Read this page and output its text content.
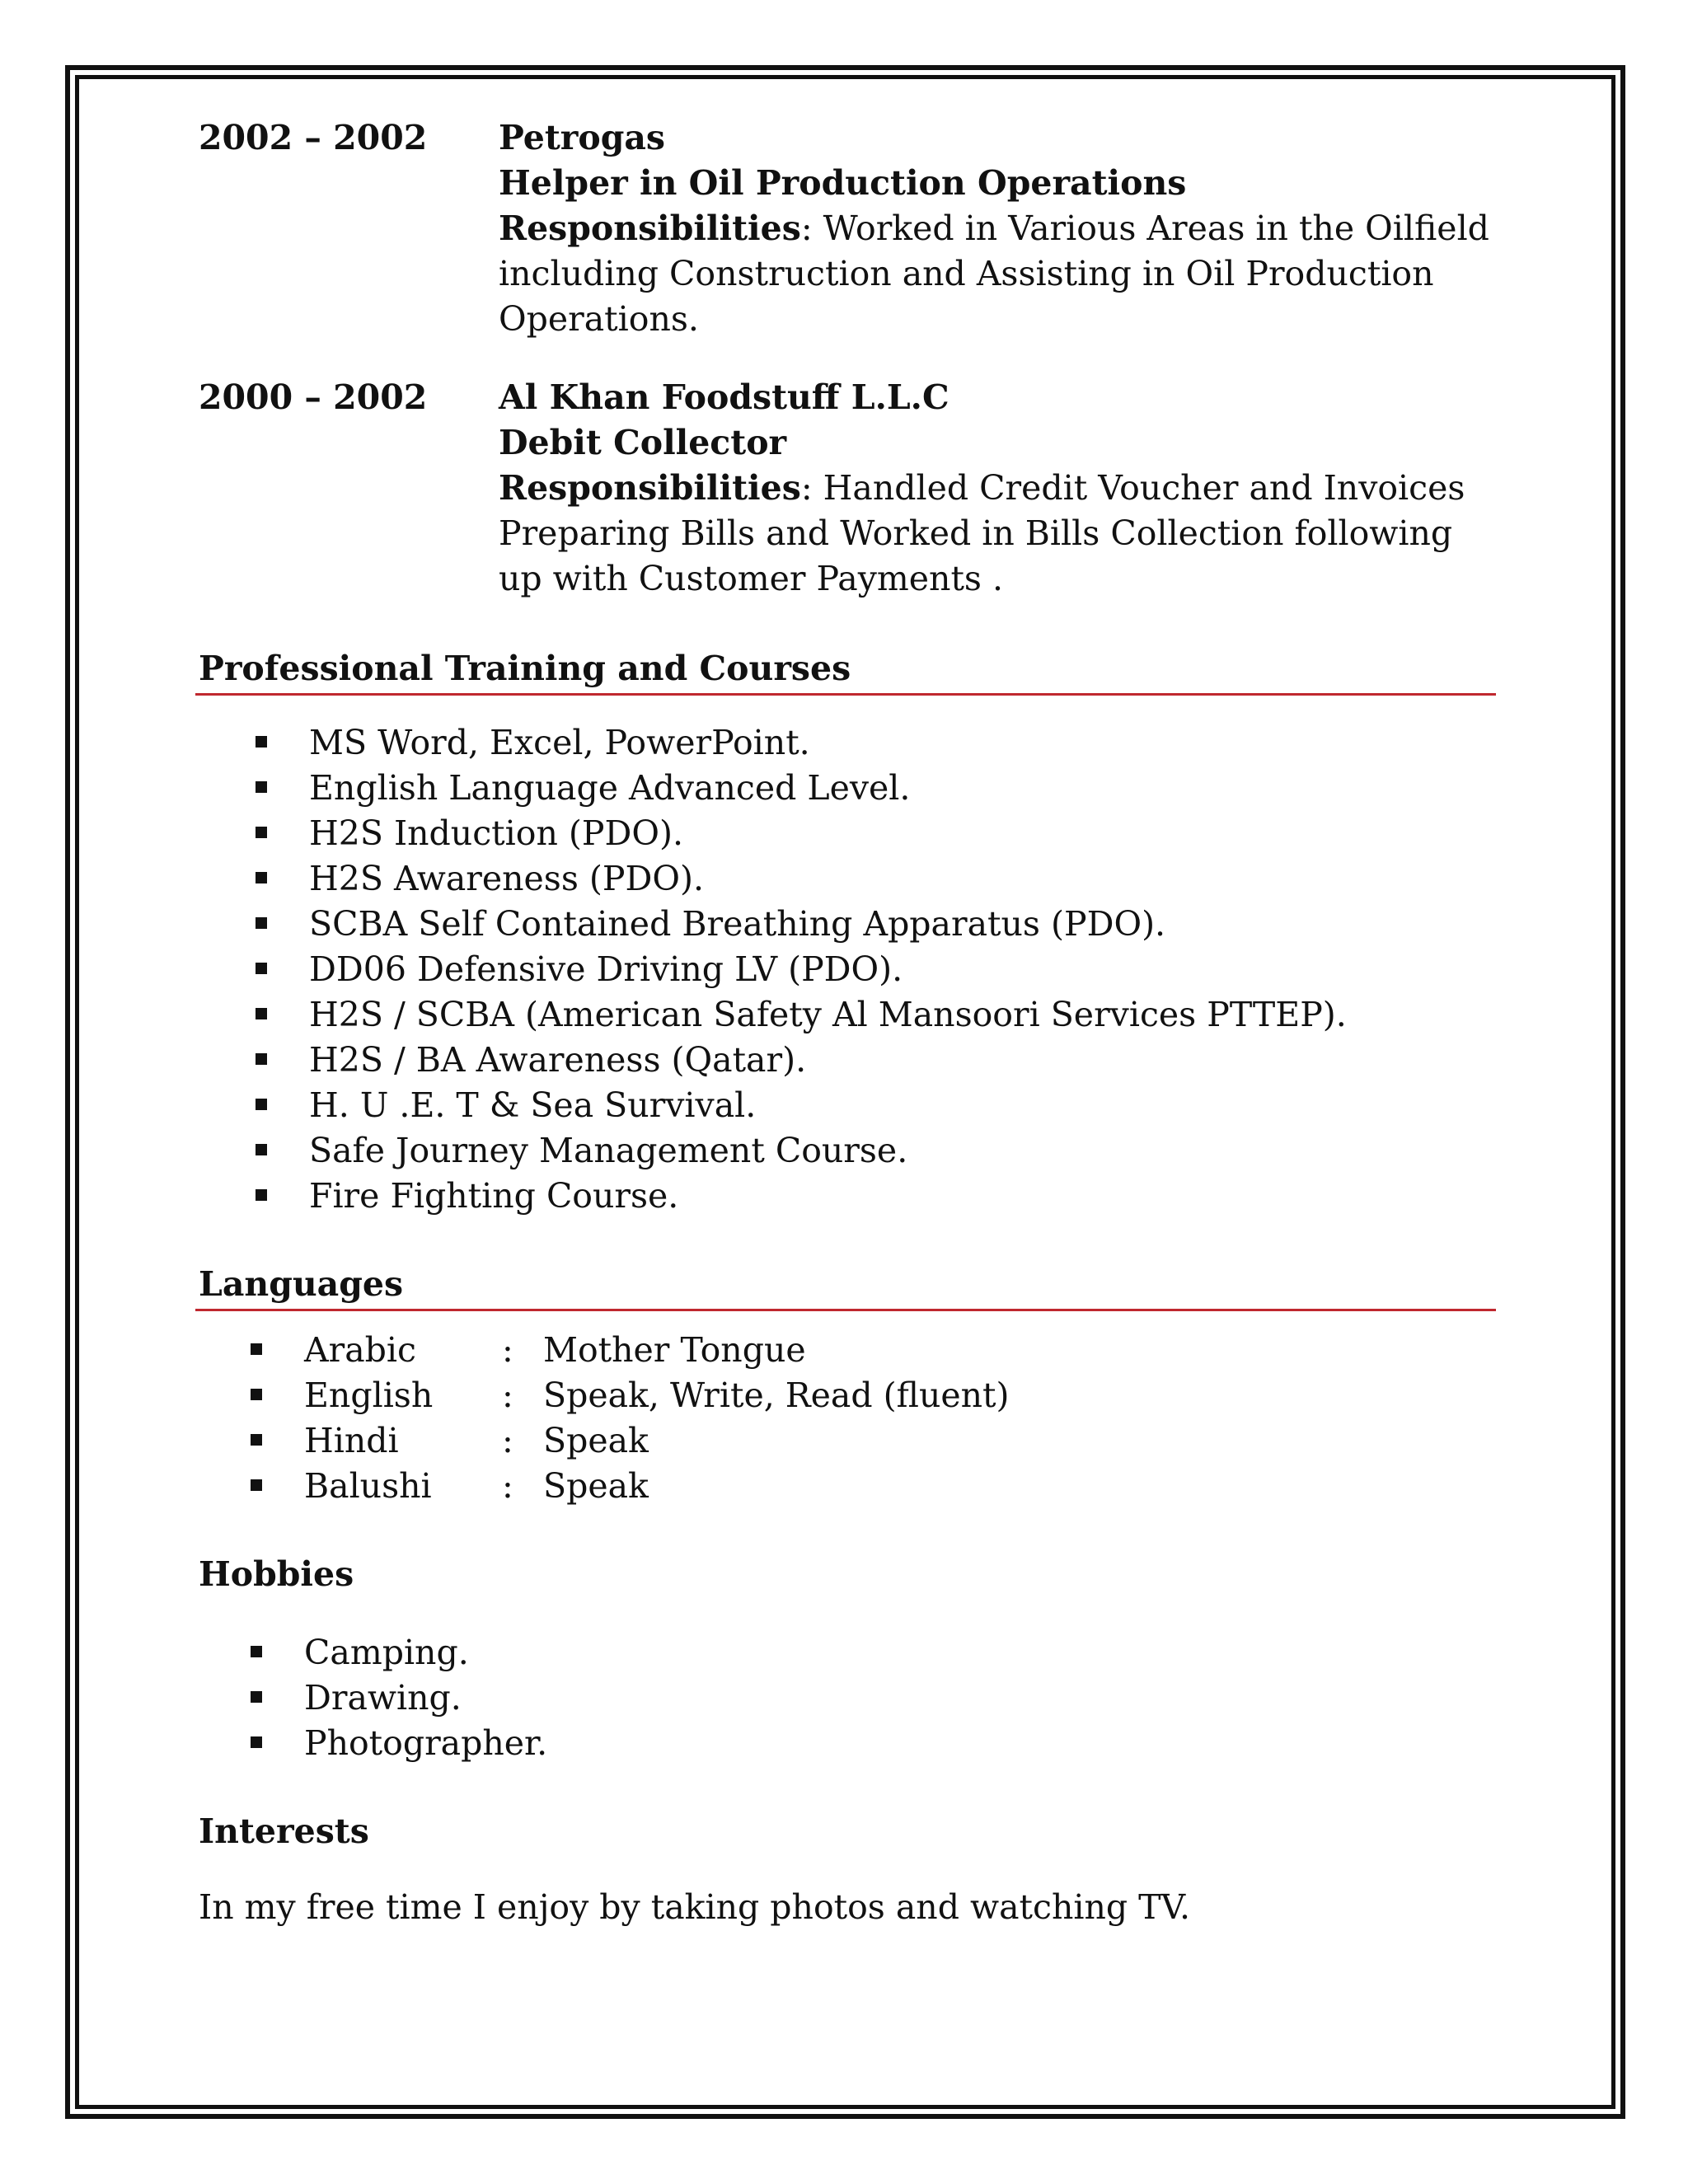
2002 – 2002	Petrogas
Helper in Oil Production Operations
Responsibilities: Worked in Various Areas in the Oilfield including Construction and Assisting in Oil Production Operations.
2000 – 2002	Al Khan Foodstuff L.L.C
Debit Collector
Responsibilities: Handled Credit Voucher and Invoices Preparing Bills and Worked in Bills Collection following up with Customer Payments .
Professional Training and Courses
MS Word, Excel, PowerPoint.
English Language Advanced Level.
H2S Induction (PDO).
H2S Awareness (PDO).
SCBA Self Contained Breathing Apparatus (PDO).
DD06 Defensive Driving LV (PDO).
H2S / SCBA (American Safety Al Mansoori Services PTTEP).
H2S / BA Awareness (Qatar).
H. U .E. T & Sea Survival.
Safe Journey Management Course.
Fire Fighting Course.
Languages
Arabic	: Mother Tongue
English	: Speak, Write, Read (fluent)
Hindi	: Speak
Balushi	: Speak
Hobbies
Camping.
Drawing.
Photographer.
Interests
In my free time I enjoy by taking photos and watching TV.
